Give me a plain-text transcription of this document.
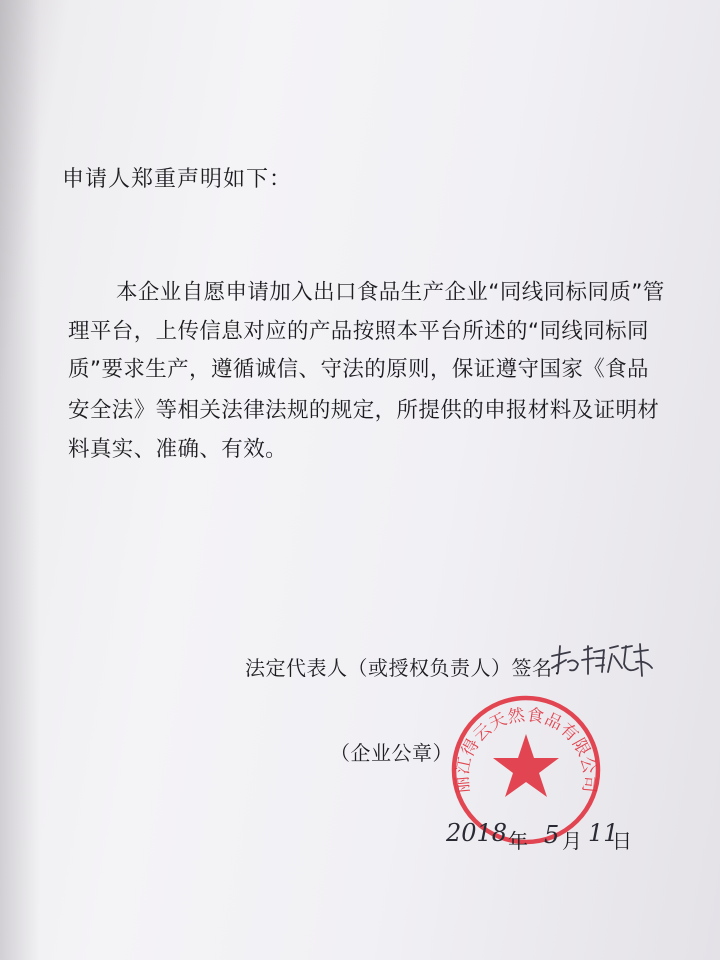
申请人郑重声明如下：
本企业自愿申请加入出口食品生产企业“同线同标同质”管
理平台，上传信息对应的产品按照本平台所述的“同线同标同
质”要求生产，遵循诚信、守法的原则，保证遵守国家《食品
安全法》等相关法律法规的规定，所提供的申报材料及证明材
料真实、准确、有效。
法定代表人（或授权负责人）签名：
（企业公章）
丽江得云天然食品有限公司
2018 年 5 月 11
日
